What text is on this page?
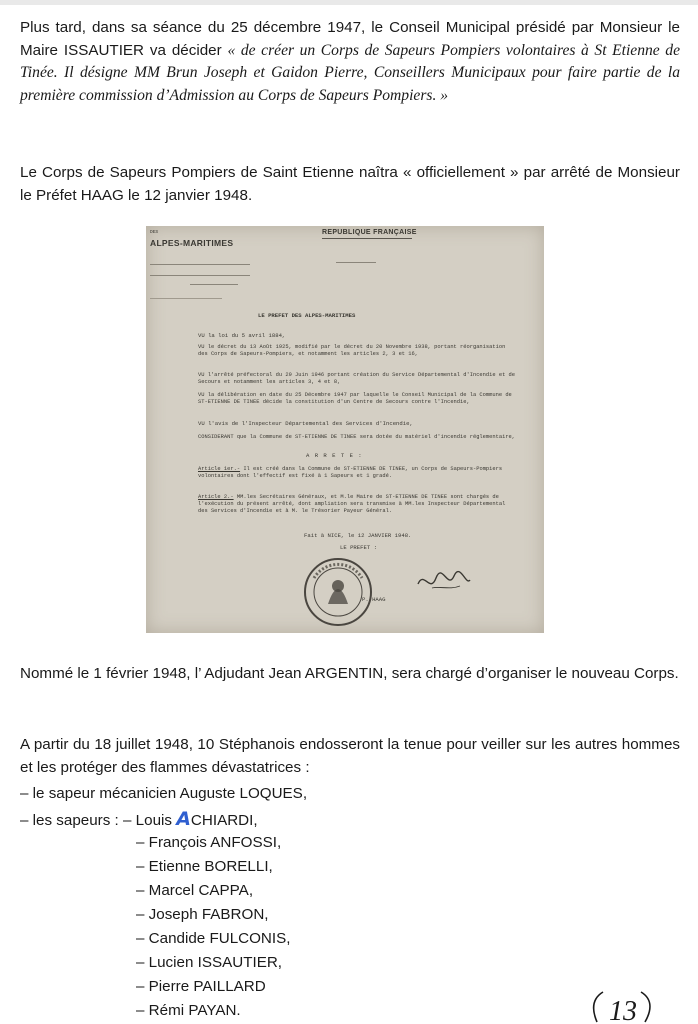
Plus tard, dans sa séance du 25 décembre 1947, le Conseil Municipal présidé par Monsieur le Maire ISSAUTIER va décider « de créer un Corps de Sapeurs Pompiers volontaires à St Etienne de Tinée. Il désigne MM Brun Joseph et Gaidon Pierre, Conseillers Municipaux pour faire partie de la première commission d’Admission au Corps de Sapeurs Pompiers. »
Le Corps de Sapeurs Pompiers de Saint Etienne naîtra « officiellement » par arrêté de Monsieur le Préfet HAAG le 12 janvier 1948.
REPUBLIQUE FRANÇAISE
DES
ALPES-MARITIMES
LE PREFET DES ALPES-MARITIMES
VU la loi du 5 avril 1884,
VU le décret du 13 Août 1925, modifié par le décret du 20 Novembre 1938, portant réorganisation des Corps de Sapeurs-Pompiers, et notamment les articles 2, 3 et 16,
VU l'arrêté préfectoral du 29 Juin 1946 portant création du Service Départemental d'Incendie et de Secours et notamment les articles 3, 4 et 8,
VU la délibération en date du 25 Décembre 1947 par laquelle le Conseil Municipal de la Commune de ST-ETIENNE DE TINEE décide la constitution d'un Centre de Secours contre l'Incendie,
VU l'avis de l'Inspecteur Départemental des Services d'Incendie,
CONSIDERANT que la Commune de ST-ETIENNE DE TINEE sera dotée du matériel d'incendie réglementaire,
A R R E T E :
Article 1er.- Il est créé dans la Commune de ST-ETIENNE DE TINEE, un Corps de Sapeurs-Pompiers volontaires dont l'effectif est fixé à 1 Sapeurs et 1 gradé.
Article 2.- MM.les Secrétaires Généraux, et M.le Maire de ST-ETIENNE DE TINEE sont chargés de l'exécution du présent arrêté, dont ampliation sera transmise à MM.les Inspecteur Départemental des Services d'Incendie et à M. le Trésorier Payeur Général.
Fait à NICE, le 12 JANVIER 1948.
LE PREFET :
P. HAAG
Nommé le 1 février 1948, l’ Adjudant Jean ARGENTIN, sera chargé d’organiser le nouveau Corps.
A partir du 18 juillet 1948, 10 Stéphanois endosseront la tenue pour veiller sur les autres hommes et les protéger des flammes dévastatrices :
– le sapeur mécanicien Auguste LOQUES,
– les sapeurs : – Louis ACHIARDI,
– François ANFOSSI,
– Etienne BORELLI,
– Marcel CAPPA,
– Joseph FABRON,
– Candide FULCONIS,
– Lucien ISSAUTIER,
– Pierre PAILLARD
– Rémi PAYAN.	13
